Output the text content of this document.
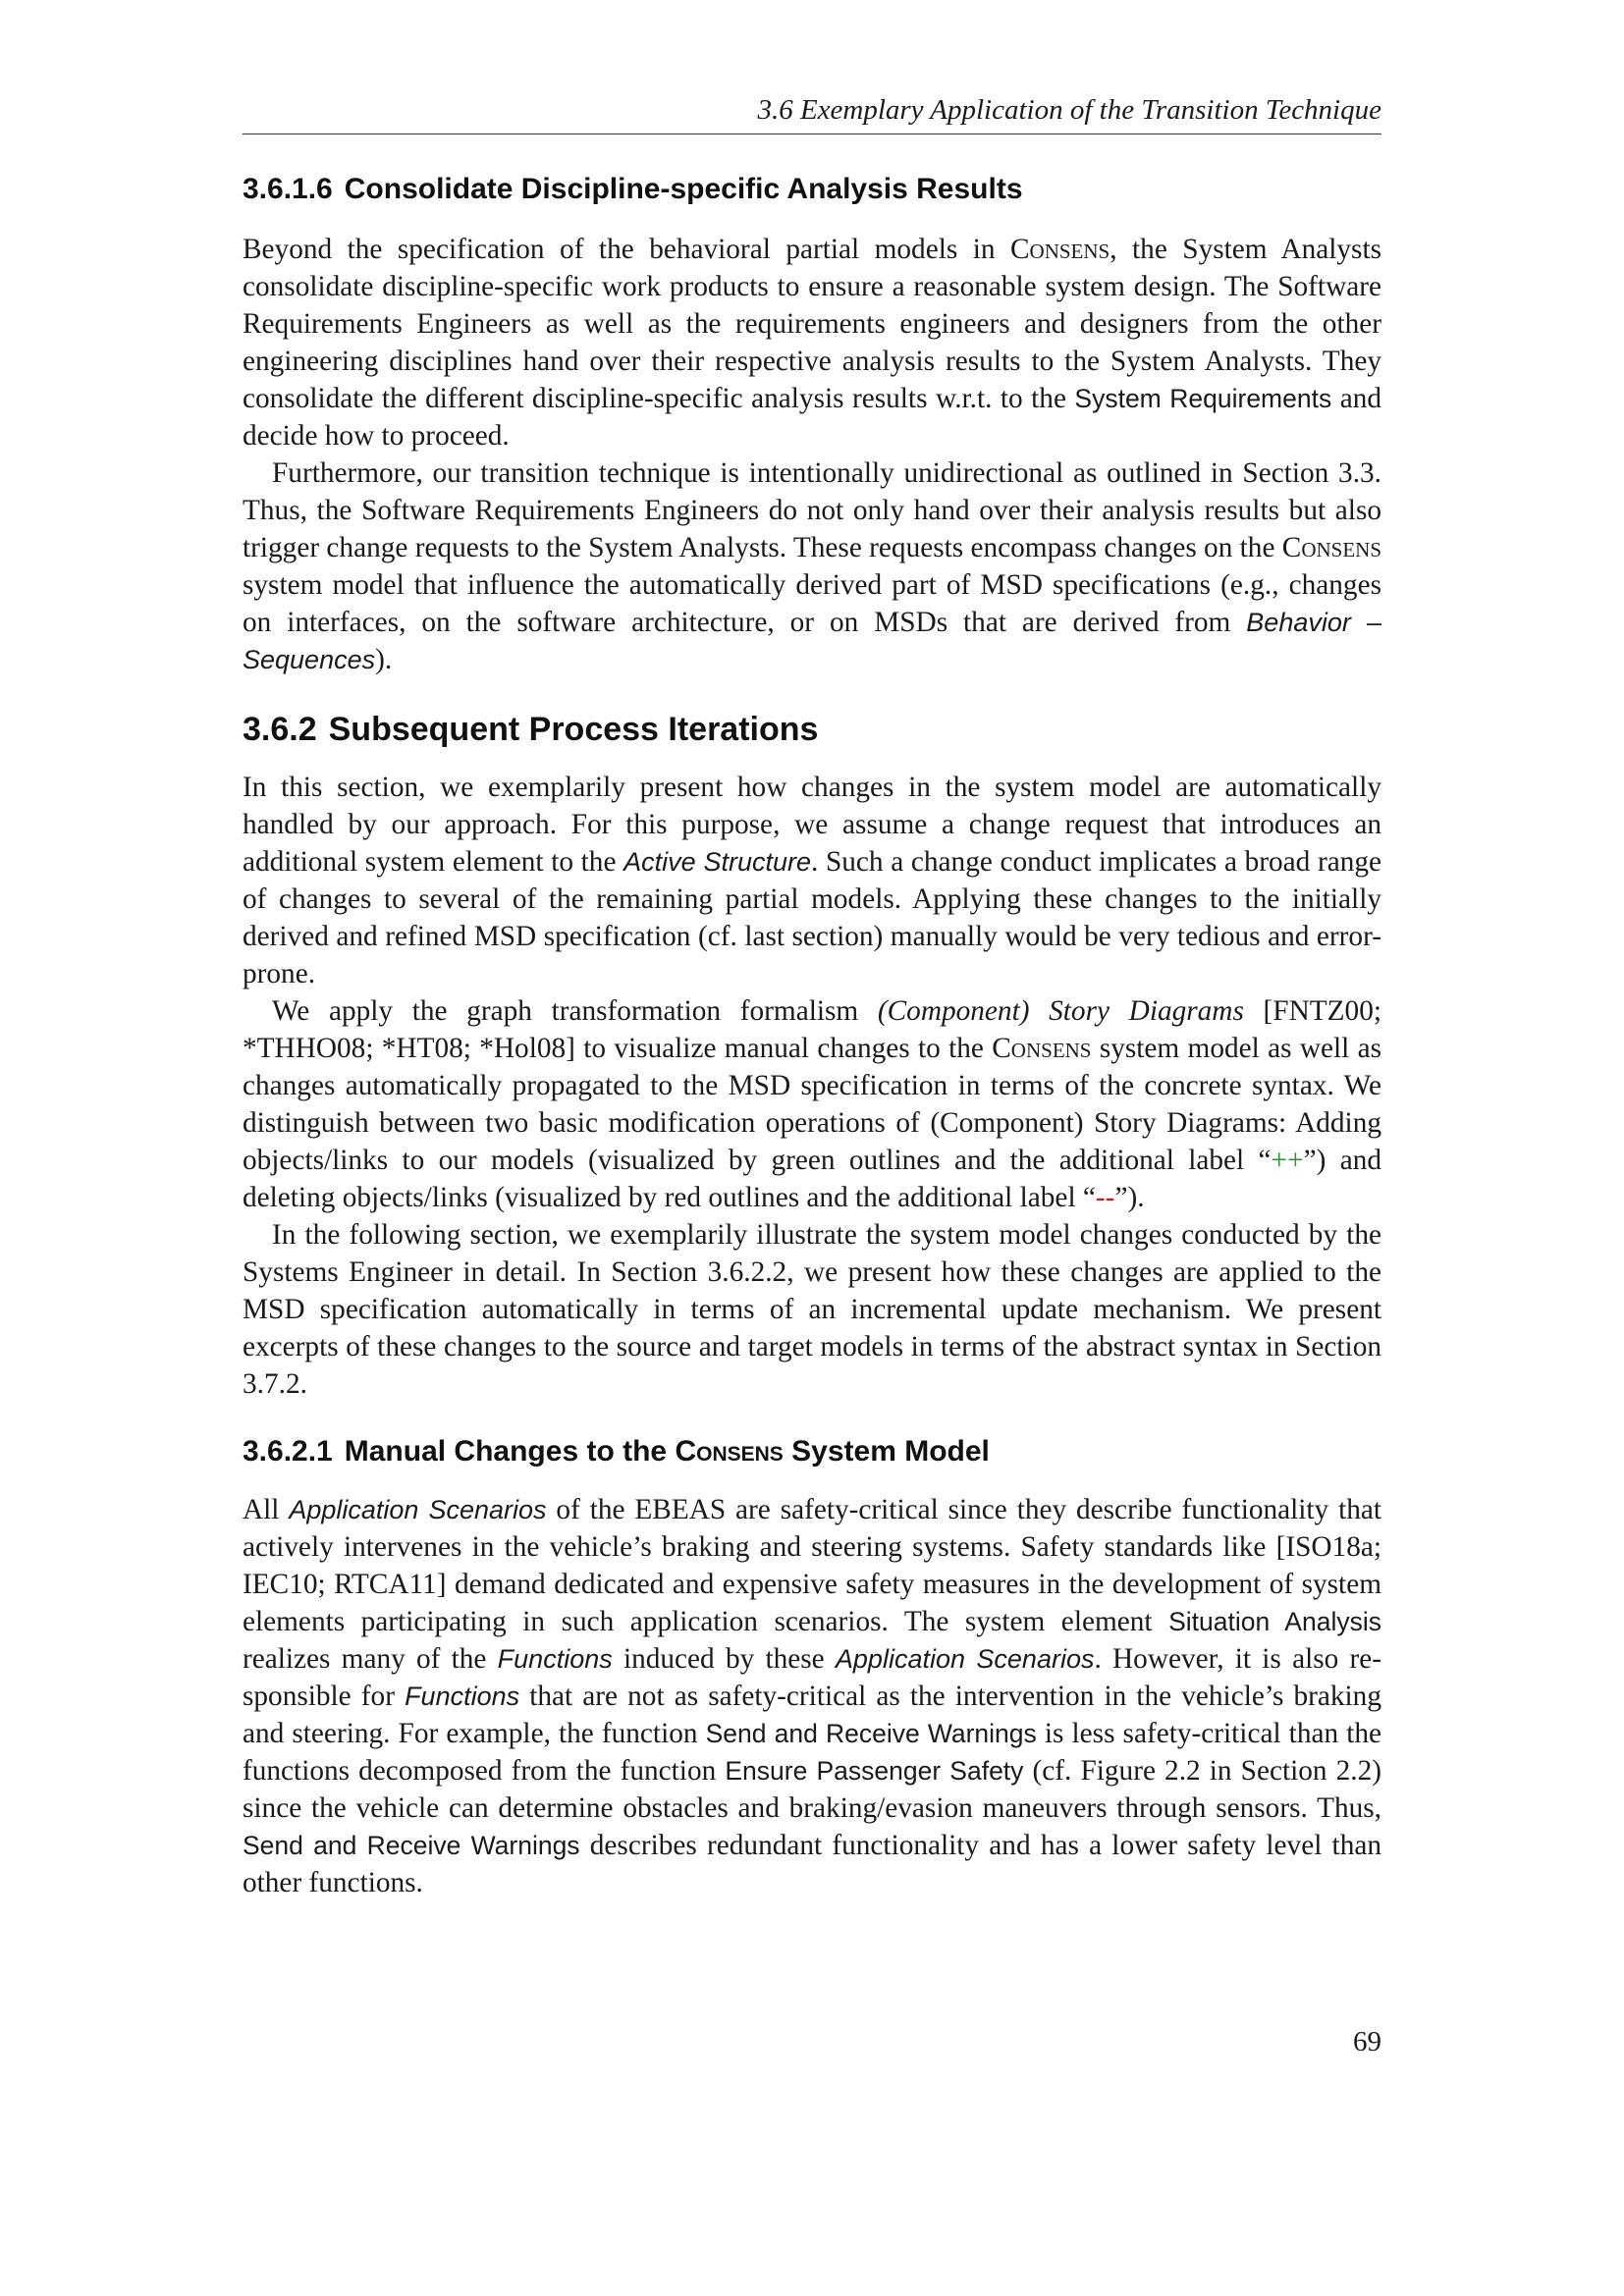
3.6 Exemplary Application of the Transition Technique
3.6.1.6 Consolidate Discipline-specific Analysis Results

Beyond the specification of the behavioral partial models in Consens, the System Analysts consolidate discipline-specific work products to ensure a reasonable system design. The Software Requirements Engineers as well as the requirements engineers and designers from the other engineering disciplines hand over their respective analysis results to the System Analysts. They consolidate the different discipline-specific analysis results w.r.t. to the System Requirements and decide how to proceed.

Furthermore, our transition technique is intentionally unidirectional as outlined in Section 3.3. Thus, the Software Requirements Engineers do not only hand over their analysis results but also trigger change requests to the System Analysts. These requests encompass changes on the Consens system model that influence the automatically derived part of MSD specifications (e.g., changes on interfaces, on the software architecture, or on MSDs that are derived from Behavior – Sequences).

3.6.2 Subsequent Process Iterations

In this section, we exemplarily present how changes in the system model are automatically handled by our approach. For this purpose, we assume a change request that introduces an additional system element to the Active Structure. Such a change conduct implicates a broad range of changes to several of the remaining partial models. Applying these changes to the initially derived and refined MSD specification (cf. last section) manually would be very tedious and error-prone.

We apply the graph transformation formalism (Component) Story Diagrams [FNTZ00; *THHO08; *HT08; *Hol08] to visualize manual changes to the Consens system model as well as changes automatically propagated to the MSD specification in terms of the concrete syntax. We distinguish between two basic modification operations of (Component) Story Diagrams: Adding objects/links to our models (visualized by green outlines and the additional label “++”) and deleting objects/links (visualized by red outlines and the additional label “--”).

In the following section, we exemplarily illustrate the system model changes conducted by the Systems Engineer in detail. In Section 3.6.2.2, we present how these changes are applied to the MSD specification automatically in terms of an incremental update mechanism. We present excerpts of these changes to the source and target models in terms of the abstract syntax in Section 3.7.2.

3.6.2.1 Manual Changes to the Consens System Model

All Application Scenarios of the EBEAS are safety-critical since they describe functionality that actively intervenes in the vehicle’s braking and steering systems. Safety standards like [ISO18a; IEC10; RTCA11] demand dedicated and expensive safety measures in the development of system elements participating in such application scenarios. The system element Situation Analysis realizes many of the Functions induced by these Application Scenarios. However, it is also responsible for Functions that are not as safety-critical as the intervention in the vehicle’s braking and steering. For example, the function Send and Receive Warnings is less safety-critical than the functions decomposed from the function Ensure Passenger Safety (cf. Figure 2.2 in Section 2.2) since the vehicle can determine obstacles and braking/evasion maneuvers through sensors. Thus, Send and Receive Warnings describes redundant functionality and has a lower safety level than other functions.

69
